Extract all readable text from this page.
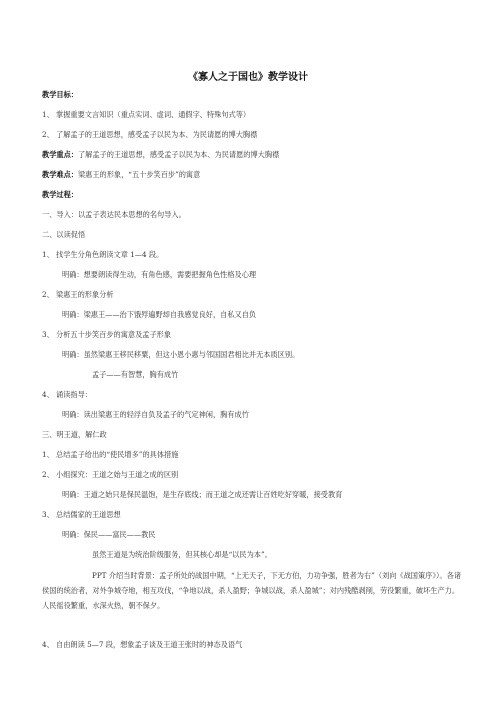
《寡人之于国也》教学设计
教学目标：
1、 掌握重要文言知识（重点实词、虚词、通假字、特殊句式等）
2、 了解孟子的王道思想，感受孟子以民为本、为民请愿的博大胸襟
教学重点：了解孟子的王道思想，感受孟子以民为本、为民请愿的博大胸襟
教学难点：梁惠王的形象，“五十步笑百步”的寓意
教学过程：
一、导入：以孟子表达民本思想的名句导入。
二、以读促悟
1、 找学生分角色朗读文章 1—4 段。
明确：想要朗读得生动，有角色感，需要把握角色性格及心理
2、 梁惠王的形象分析
明确：梁惠王——治下饿殍遍野却自我感觉良好，自私又自负
3、 分析五十步笑百步的寓意及孟子形象
明确：虽然梁惠王移民移粟，但这小恩小惠与邻国国君相比并无本质区别。
孟子——有智慧，胸有成竹
4、 诵读指导：
明确：读出梁惠王的轻浮自负及孟子的气定神闲，胸有成竹
三、明王道，解仁政
1、 总结孟子给出的“使民增多”的具体措施
2、 小组探究：王道之始与王道之成的区别
明确：王道之始只是保民温饱，是生存底线；而王道之成还需让百姓吃好穿暖，接受教育
3、 总结儒家的王道思想
明确：保民——富民——教民
虽然王道是为统治阶级服务，但其核心却是“以民为本”。
PPT 介绍当时背景：孟子所处的战国中期，“上无天子，下无方伯，力功争强，胜者为右”（刘向《战国策序》）。各诸侯国的统治者，对外争城夺地，相互攻伐，“争地以战，杀人盈野；争城以战，杀人盈城”；对内残酷剥削，劳役繁重，破坏生产力。人民徭役繁重，水深火热，朝不保夕。
4、 自由朗读 5—7 段，想象孟子谈及王道王张时的神态及语气
